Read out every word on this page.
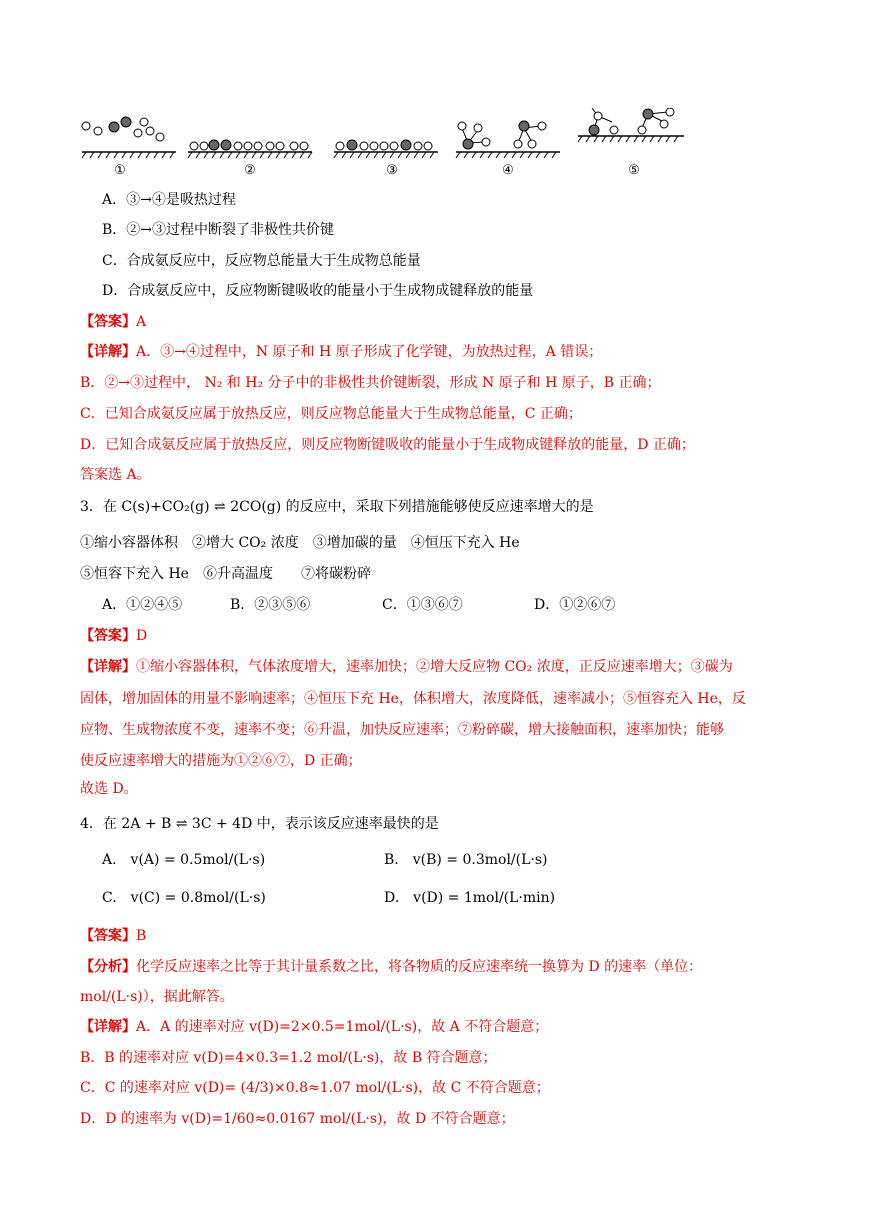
①	②	③	④	⑤
A．③→④是吸热过程
B．②→③过程中断裂了非极性共价键
C．合成氨反应中，反应物总能量大于生成物总能量
D．合成氨反应中，反应物断键吸收的能量小于生成物成键释放的能量
【答案】A
【详解】A．③→④过程中，N 原子和 H 原子形成了化学键，为放热过程，A 错误；
B．②→③过程中， N₂ 和 H₂ 分子中的非极性共价键断裂，形成 N 原子和 H 原子，B 正确；
C．已知合成氨反应属于放热反应，则反应物总能量大于生成物总能量，C 正确；
D．已知合成氨反应属于放热反应，则反应物断键吸收的能量小于生成物成键释放的能量，D 正确；
答案选 A。
3．在 C(s)+CO₂(g) ⇌ 2CO(g) 的反应中，采取下列措施能够使反应速率增大的是
①缩小容器体积　②增大 CO₂ 浓度　③增加碳的量　④恒压下充入 He
⑤恒容下充入 He　⑥升高温度　　⑦将碳粉碎
A．①②④⑤	B．②③⑤⑥	C．①③⑥⑦	D．①②⑥⑦
【答案】D
【详解】①缩小容器体积，气体浓度增大，速率加快；②增大反应物 CO₂ 浓度，正反应速率增大；③碳为
固体，增加固体的用量不影响速率；④恒压下充 He，体积增大，浓度降低，速率减小；⑤恒容充入 He，反
应物、生成物浓度不变，速率不变；⑥升温，加快反应速率；⑦粉碎碳，增大接触面积，速率加快；能够
使反应速率增大的措施为①②⑥⑦，D 正确；
故选 D。
4．在 2A + B ⇌ 3C + 4D 中，表示该反应速率最快的是
A.　v(A) = 0.5mol/(L·s)	B.　v(B) = 0.3mol/(L·s)
C.　v(C) = 0.8mol/(L·s)	D.　v(D) = 1mol/(L·min)
【答案】B
【分析】化学反应速率之比等于其计量系数之比，将各物质的反应速率统一换算为 D 的速率（单位：
mol/(L·s)），据此解答。
【详解】A．A 的速率对应 v(D)=2×0.5=1mol/(L·s)，故 A 不符合题意；
B．B 的速率对应 v(D)=4×0.3=1.2 mol/(L·s)，故 B 符合题意；
C．C 的速率对应 v(D)= (4/3)×0.8≈1.07 mol/(L·s)，故 C 不符合题意；
D．D 的速率为 v(D)=1/60≈0.0167 mol/(L·s)，故 D 不符合题意；
